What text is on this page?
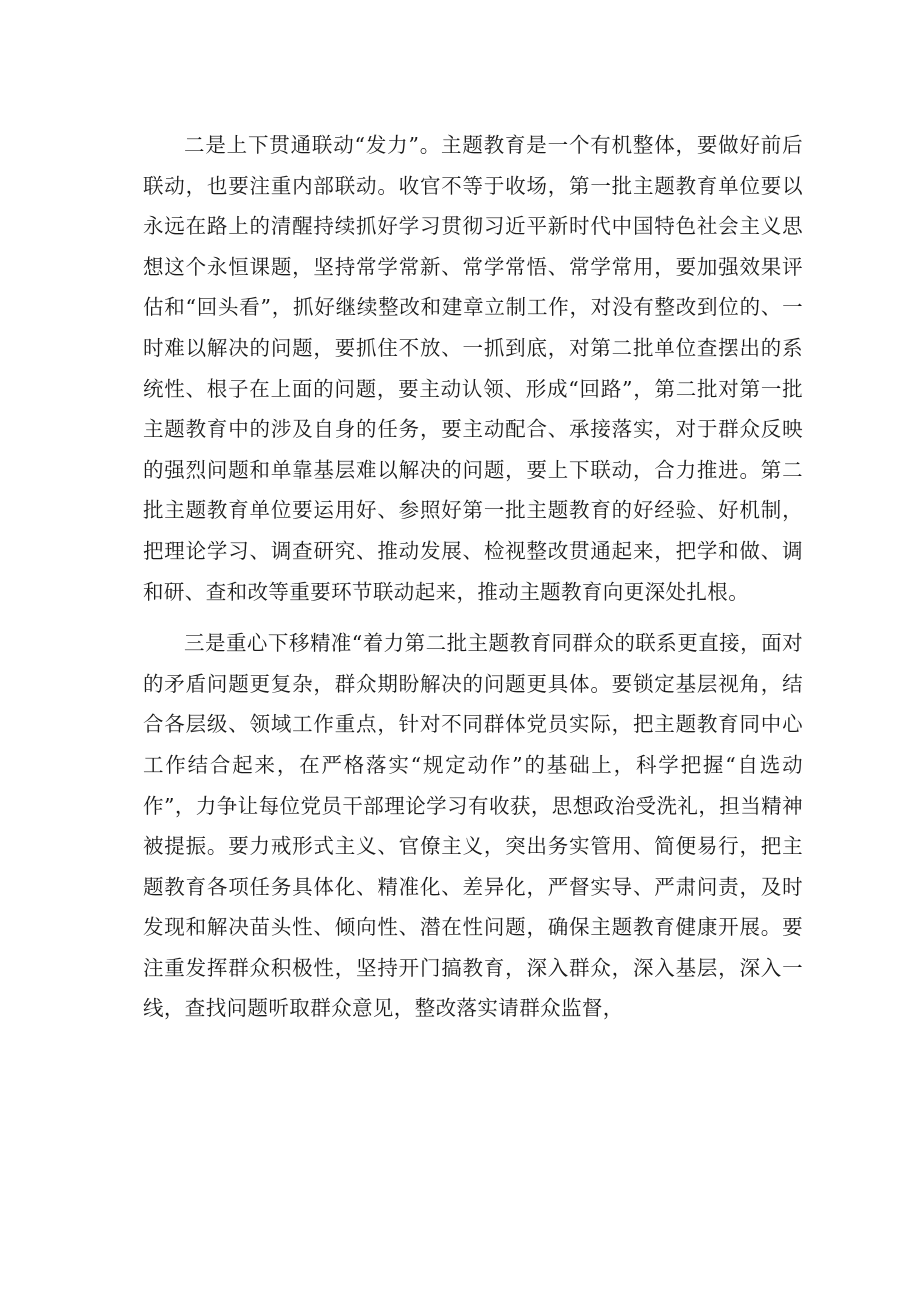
二是上下贯通联动“发力”。主题教育是一个有机整体，要做好前后联动，也要注重内部联动。收官不等于收场，第一批主题教育单位要以永远在路上的清醒持续抓好学习贯彻习近平新时代中国特色社会主义思想这个永恒课题，坚持常学常新、常学常悟、常学常用，要加强效果评估和“回头看”，抓好继续整改和建章立制工作，对没有整改到位的、一时难以解决的问题，要抓住不放、一抓到底，对第二批单位查摆出的系统性、根子在上面的问题，要主动认领、形成“回路”，第二批对第一批主题教育中的涉及自身的任务，要主动配合、承接落实，对于群众反映的强烈问题和单靠基层难以解决的问题，要上下联动，合力推进。第二批主题教育单位要运用好、参照好第一批主题教育的好经验、好机制，把理论学习、调查研究、推动发展、检视整改贯通起来，把学和做、调和研、查和改等重要环节联动起来，推动主题教育向更深处扎根。

三是重心下移精准“着力第二批主题教育同群众的联系更直接，面对的矛盾问题更复杂，群众期盼解决的问题更具体。要锁定基层视角，结合各层级、领域工作重点，针对不同群体党员实际，把主题教育同中心工作结合起来，在严格落实“规定动作”的基础上，科学把握“自选动作”，力争让每位党员干部理论学习有收获，思想政治受洗礼，担当精神被提振。要力戒形式主义、官僚主义，突出务实管用、简便易行，把主题教育各项任务具体化、精准化、差异化，严督实导、严肃问责，及时发现和解决苗头性、倾向性、潜在性问题，确保主题教育健康开展。要注重发挥群众积极性，坚持开门搞教育，深入群众，深入基层，深入一线，查找问题听取群众意见，整改落实请群众监督，
